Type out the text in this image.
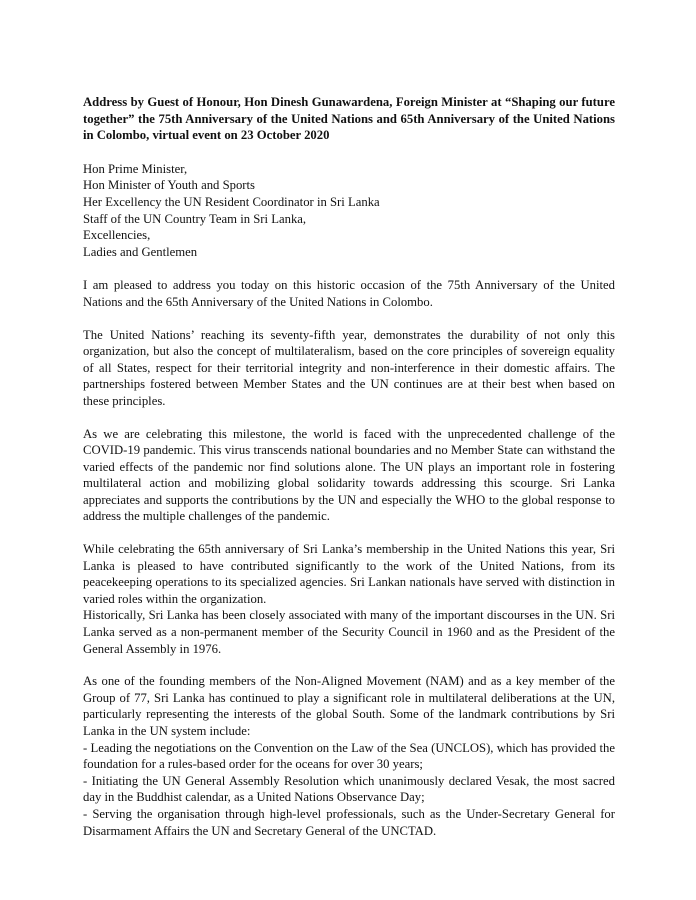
Address by Guest of Honour, Hon Dinesh Gunawardena, Foreign Minister at “Shaping our future together” the 75th Anniversary of the United Nations and 65th Anniversary of the United Nations in Colombo, virtual event on 23 October 2020
Hon Prime Minister,
Hon Minister of Youth and Sports
Her Excellency the UN Resident Coordinator in Sri Lanka
Staff of the UN Country Team in Sri Lanka,
Excellencies,
Ladies and Gentlemen

I am pleased to address you today on this historic occasion of the 75th Anniversary of the United Nations and the 65th Anniversary of the United Nations in Colombo.

The United Nations’ reaching its seventy-fifth year, demonstrates the durability of not only this organization, but also the concept of multilateralism, based on the core principles of sovereign equality of all States, respect for their territorial integrity and non-interference in their domestic affairs. The partnerships fostered between Member States and the UN continues are at their best when based on these principles.

As we are celebrating this milestone, the world is faced with the unprecedented challenge of the COVID-19 pandemic. This virus transcends national boundaries and no Member State can withstand the varied effects of the pandemic nor find solutions alone. The UN plays an important role in fostering multilateral action and mobilizing global solidarity towards addressing this scourge. Sri Lanka appreciates and supports the contributions by the UN and especially the WHO to the global response to address the multiple challenges of the pandemic.

While celebrating the 65th anniversary of Sri Lanka’s membership in the United Nations this year, Sri Lanka is pleased to have contributed significantly to the work of the United Nations, from its peacekeeping operations to its specialized agencies. Sri Lankan nationals have served with distinction in varied roles within the organization.

Historically, Sri Lanka has been closely associated with many of the important discourses in the UN. Sri Lanka served as a non-permanent member of the Security Council in 1960 and as the President of the General Assembly in 1976.

As one of the founding members of the Non-Aligned Movement (NAM) and as a key member of the Group of 77, Sri Lanka has continued to play a significant role in multilateral deliberations at the UN, particularly representing the interests of the global South. Some of the landmark contributions by Sri Lanka in the UN system include:
- Leading the negotiations on the Convention on the Law of the Sea (UNCLOS), which has provided the foundation for a rules-based order for the oceans for over 30 years;
- Initiating the UN General Assembly Resolution which unanimously declared Vesak, the most sacred day in the Buddhist calendar, as a United Nations Observance Day;
- Serving the organisation through high-level professionals, such as the Under-Secretary General for Disarmament Affairs the UN and Secretary General of the UNCTAD.
